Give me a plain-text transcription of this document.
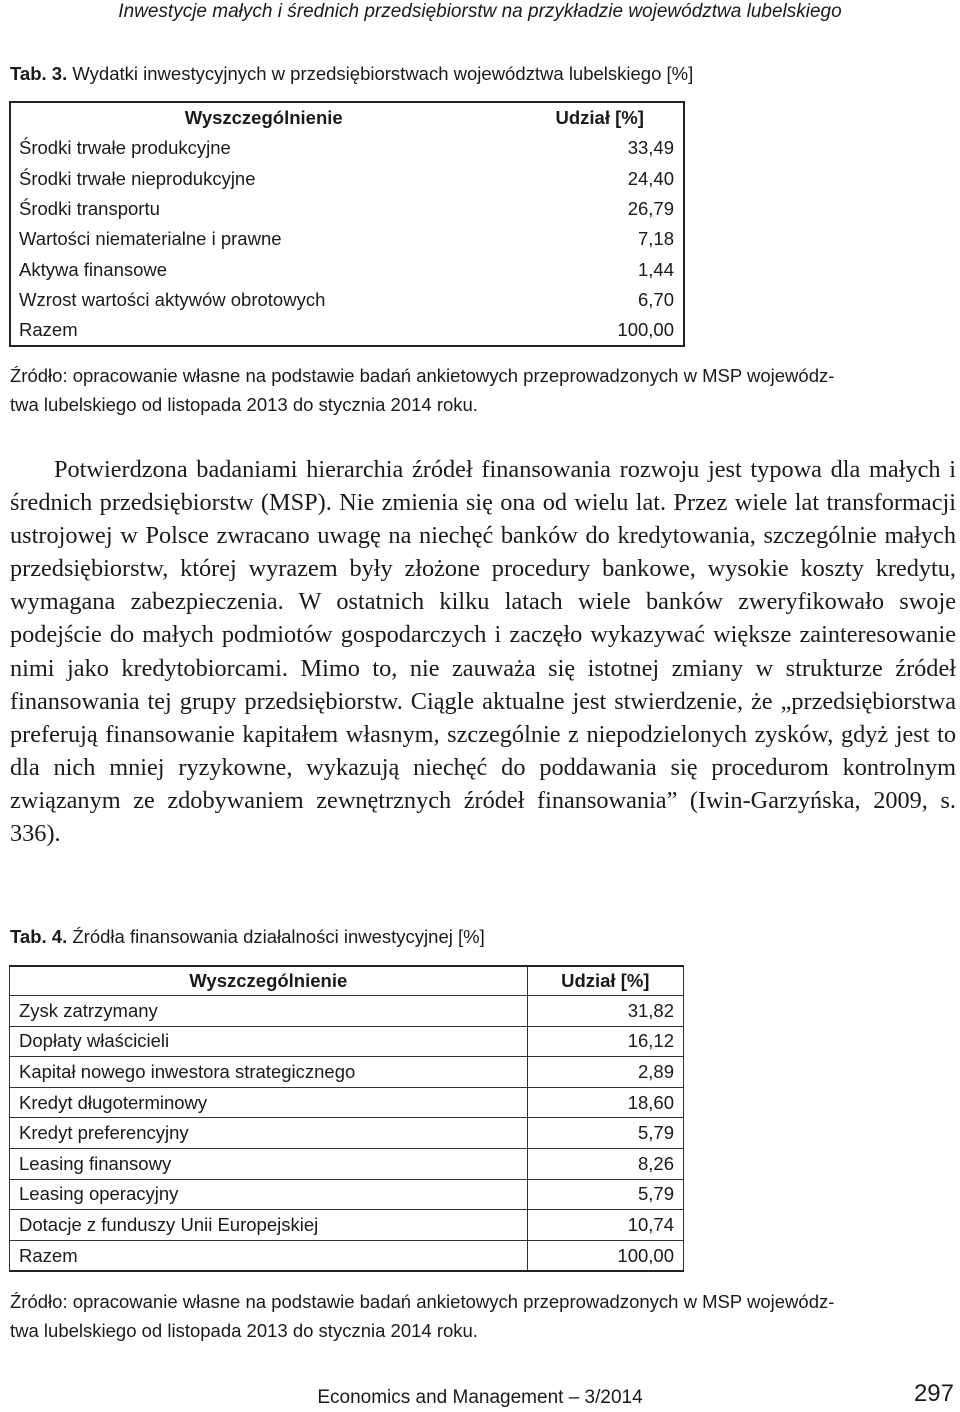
Inwestycje małych i średnich przedsiębiorstw na przykładzie województwa lubelskiego
Tab. 3. Wydatki inwestycyjnych w przedsiębiorstwach województwa lubelskiego [%]
Wyszczególnienie	Udział [%]
Środki trwałe produkcyjne	33,49
Środki trwałe nieprodukcyjne	24,40
Środki transportu	26,79
Wartości niematerialne i prawne	7,18
Aktywa finansowe	1,44
Wzrost wartości aktywów obrotowych	6,70
Razem	100,00
Źródło: opracowanie własne na podstawie badań ankietowych przeprowadzonych w MSP wojewódz-
twa lubelskiego od listopada 2013 do stycznia 2014 roku.

Potwierdzona badaniami hierarchia źródeł finansowania rozwoju jest typowa dla małych i średnich przedsiębiorstw (MSP). Nie zmienia się ona od wielu lat. Przez wiele lat transformacji ustrojowej w Polsce zwracano uwagę na niechęć banków do kredytowania, szczególnie małych przedsiębiorstw, której wyrazem były złożone procedury bankowe, wysokie koszty kredytu, wymagana zabezpieczenia. W ostatnich kilku latach wiele banków zweryfikowało swoje podejście do małych podmiotów gospodarczych i zaczęło wykazywać większe zainteresowanie nimi jako kredytobiorcami. Mimo to, nie zauważa się istotnej zmiany w strukturze źródeł finansowania tej grupy przedsiębiorstw. Ciągle aktualne jest stwierdzenie, że „przedsiębiorstwa preferują finansowanie kapitałem własnym, szczególnie z niepodzielonych zysków, gdyż jest to dla nich mniej ryzykowne, wykazują niechęć do poddawania się procedurom kontrolnym związanym ze zdobywaniem zewnętrznych źródeł finansowania” (Iwin-Garzyńska, 2009, s. 336).

Tab. 4. Źródła finansowania działalności inwestycyjnej [%]
Wyszczególnienie	Udział [%]
Zysk zatrzymany	31,82
Dopłaty właścicieli	16,12
Kapitał nowego inwestora strategicznego	2,89
Kredyt długoterminowy	18,60
Kredyt preferencyjny	5,79
Leasing finansowy	8,26
Leasing operacyjny	5,79
Dotacje z funduszy Unii Europejskiej	10,74
Razem	100,00
Źródło: opracowanie własne na podstawie badań ankietowych przeprowadzonych w MSP wojewódz-
twa lubelskiego od listopada 2013 do stycznia 2014 roku.
Economics and Management – 3/2014	297
